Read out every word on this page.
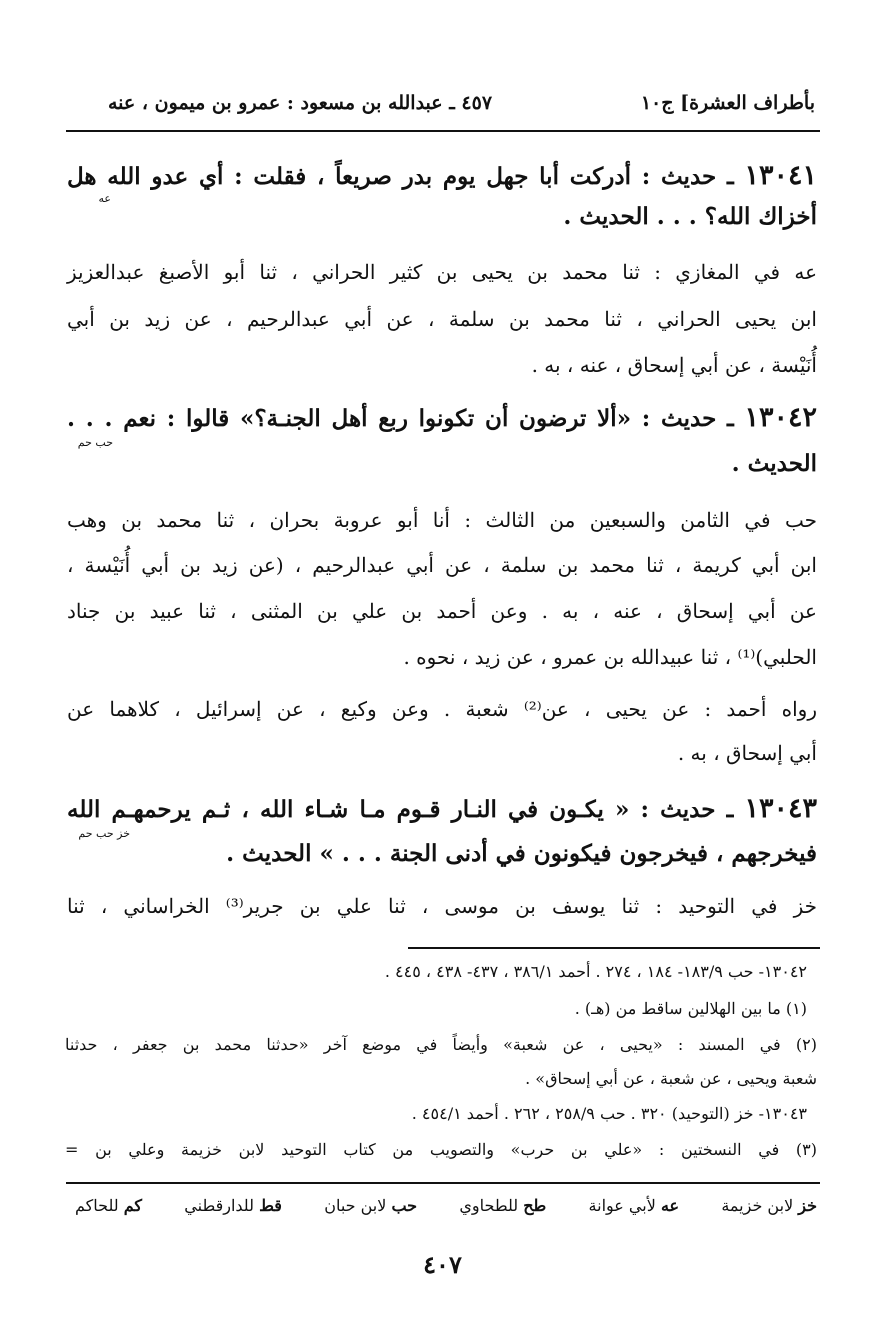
بأطراف العشرة] ج١٠
٤٥٧ ـ عبدالله بن مسعود : عمرو بن ميمون ، عنه
١٣٠٤١ ـ حديث : أدركت أبا جهل يوم بدر صريعاً ، فقلت : أي عدو الله هل
عه
أخزاك الله؟ . . . الحديث .
عه في المغازي : ثنا محمد بن يحيى بن كثير الحراني ، ثنا أبو الأصبغ عبدالعزيز
ابن يحيى الحراني ، ثنا محمد بن سلمة ، عن أبي عبدالرحيم ، عن زيد بن أبي
أُنَيْسة ، عن أبي إسحاق ، عنه ، به .
١٣٠٤٢ ـ حديث : «ألا ترضون أن تكونوا ربع أهل الجنـة؟» قالوا : نعم . . .
حب حم
الحديث .
حب في الثامن والسبعين من الثالث : أنا أبو عروبة بحران ، ثنا محمد بن وهب
ابن أبي كريمة ، ثنا محمد بن سلمة ، عن أبي عبدالرحيم ، (عن زيد بن أبي أُنَيْسة ،
عن أبي إسحاق ، عنه ، به . وعن أحمد بن علي بن المثنى ، ثنا عبيد بن جناد
الحلبي)⁽¹⁾ ، ثنا عبيدالله بن عمرو ، عن زيد ، نحوه .
رواه أحمد : عن يحيى ، عن⁽²⁾ شعبة . وعن وكيع ، عن إسرائيل ، كلاهما عن
أبي إسحاق ، به .
١٣٠٤٣ ـ حديث : « يكـون في النـار قـوم مـا شـاء الله ، ثـم يرحمهـم الله
خز حب حم
فيخرجهم ، فيخرجون فيكونون في أدنى الجنة . . . » الحديث .
خز في التوحيد : ثنا يوسف بن موسى ، ثنا علي بن جرير⁽³⁾ الخراساني ، ثنا
١٣٠٤٢- حب ١٨٣/٩- ١٨٤ ، ٢٧٤ . أحمد ٣٨٦/١ ، ٤٣٧- ٤٣٨ ، ٤٤٥ .
(١) ما بين الهلالين ساقط من (هـ) .
(٢) في المسند : «يحيى ، عن شعبة» وأيضاً في موضع آخر «حدثنا محمد بن جعفر ، حدثنا
شعبة ويحيى ، عن شعبة ، عن أبي إسحاق» .
١٣٠٤٣- خز (التوحيد) ٣٢٠ . حب ٢٥٨/٩ ، ٢٦٢ . أحمد ٤٥٤/١ .
(٣) في النسختين : «علي بن حرب» والتصويب من كتاب التوحيد لابن خزيمة وعلي بن =
خز لابن خزيمة
عه لأبي عوانة
طح للطحاوي
حب لابن حبان
قط للدارقطني
كم للحاكم
٤٠٧
